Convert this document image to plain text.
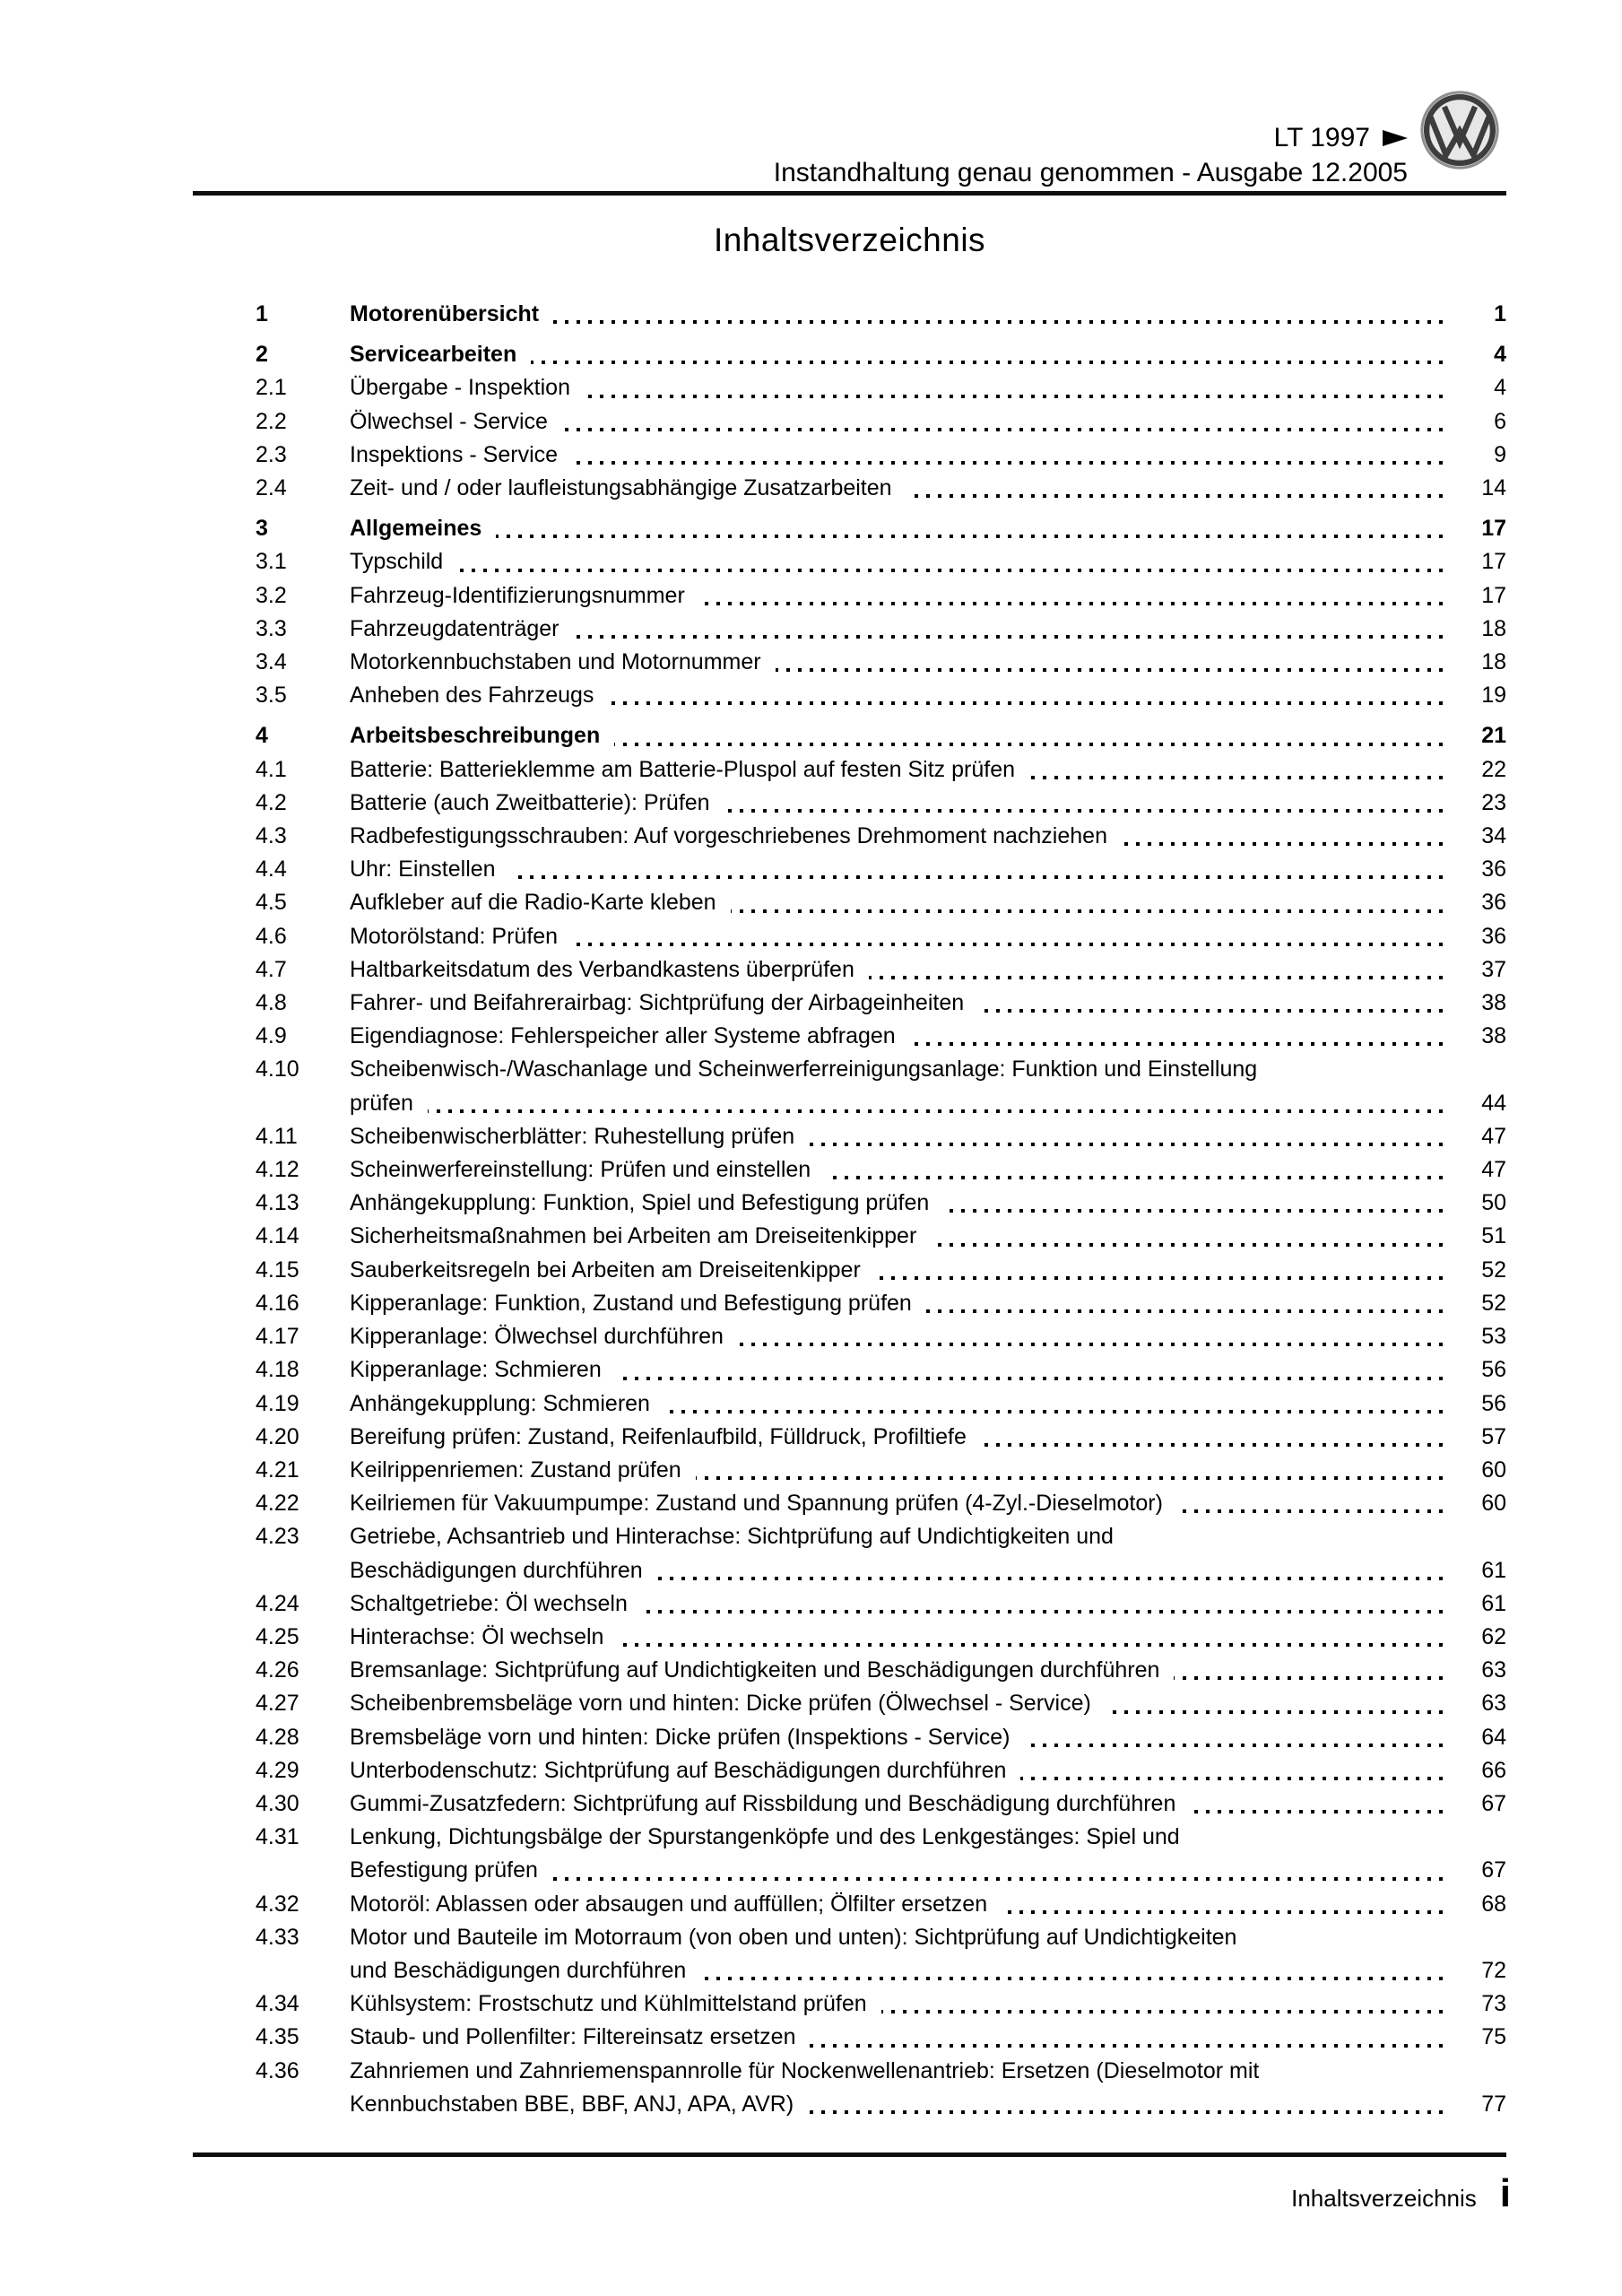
LT 1997
Instandhaltung genau genommen - Ausgabe 12.2005
Inhaltsverzeichnis
1	Motorenübersicht	1
2	Servicearbeiten	4
2.1	Übergabe - Inspektion	4
2.2	Ölwechsel - Service	6
2.3	Inspektions - Service	9
2.4	Zeit- und / oder laufleistungsabhängige Zusatzarbeiten	14
3	Allgemeines	17
3.1	Typschild	17
3.2	Fahrzeug-Identifizierungsnummer	17
3.3	Fahrzeugdatenträger	18
3.4	Motorkennbuchstaben und Motornummer	18
3.5	Anheben des Fahrzeugs	19
4	Arbeitsbeschreibungen	21
4.1	Batterie: Batterieklemme am Batterie-Pluspol auf festen Sitz prüfen	22
4.2	Batterie (auch Zweitbatterie): Prüfen	23
4.3	Radbefestigungsschrauben: Auf vorgeschriebenes Drehmoment nachziehen	34
4.4	Uhr: Einstellen	36
4.5	Aufkleber auf die Radio-Karte kleben	36
4.6	Motorölstand: Prüfen	36
4.7	Haltbarkeitsdatum des Verbandkastens überprüfen	37
4.8	Fahrer- und Beifahrerairbag: Sichtprüfung der Airbageinheiten	38
4.9	Eigendiagnose: Fehlerspeicher aller Systeme abfragen	38
4.10	Scheibenwisch-/Waschanlage und Scheinwerferreinigungsanlage: Funktion und Einstellung
prüfen	44
4.11	Scheibenwischerblätter: Ruhestellung prüfen	47
4.12	Scheinwerfereinstellung: Prüfen und einstellen	47
4.13	Anhängekupplung: Funktion, Spiel und Befestigung prüfen	50
4.14	Sicherheitsmaßnahmen bei Arbeiten am Dreiseitenkipper	51
4.15	Sauberkeitsregeln bei Arbeiten am Dreiseitenkipper	52
4.16	Kipperanlage: Funktion, Zustand und Befestigung prüfen	52
4.17	Kipperanlage: Ölwechsel durchführen	53
4.18	Kipperanlage: Schmieren	56
4.19	Anhängekupplung: Schmieren	56
4.20	Bereifung prüfen: Zustand, Reifenlaufbild, Fülldruck, Profiltiefe	57
4.21	Keilrippenriemen: Zustand prüfen	60
4.22	Keilriemen für Vakuumpumpe: Zustand und Spannung prüfen (4-Zyl.-Dieselmotor)	60
4.23	Getriebe, Achsantrieb und Hinterachse: Sichtprüfung auf Undichtigkeiten und
Beschädigungen durchführen	61
4.24	Schaltgetriebe: Öl wechseln	61
4.25	Hinterachse: Öl wechseln	62
4.26	Bremsanlage: Sichtprüfung auf Undichtigkeiten und Beschädigungen durchführen	63
4.27	Scheibenbremsbeläge vorn und hinten: Dicke prüfen (Ölwechsel - Service)	63
4.28	Bremsbeläge vorn und hinten: Dicke prüfen (Inspektions - Service)	64
4.29	Unterbodenschutz: Sichtprüfung auf Beschädigungen durchführen	66
4.30	Gummi-Zusatzfedern: Sichtprüfung auf Rissbildung und Beschädigung durchführen	67
4.31	Lenkung, Dichtungsbälge der Spurstangenköpfe und des Lenkgestänges: Spiel und
Befestigung prüfen	67
4.32	Motoröl: Ablassen oder absaugen und auffüllen; Ölfilter ersetzen	68
4.33	Motor und Bauteile im Motorraum (von oben und unten): Sichtprüfung auf Undichtigkeiten
und Beschädigungen durchführen	72
4.34	Kühlsystem: Frostschutz und Kühlmittelstand prüfen	73
4.35	Staub- und Pollenfilter: Filtereinsatz ersetzen	75
4.36	Zahnriemen und Zahnriemenspannrolle für Nockenwellenantrieb: Ersetzen (Dieselmotor mit
Kennbuchstaben BBE, BBF, ANJ, APA, AVR)	77
Inhaltsverzeichnis i
